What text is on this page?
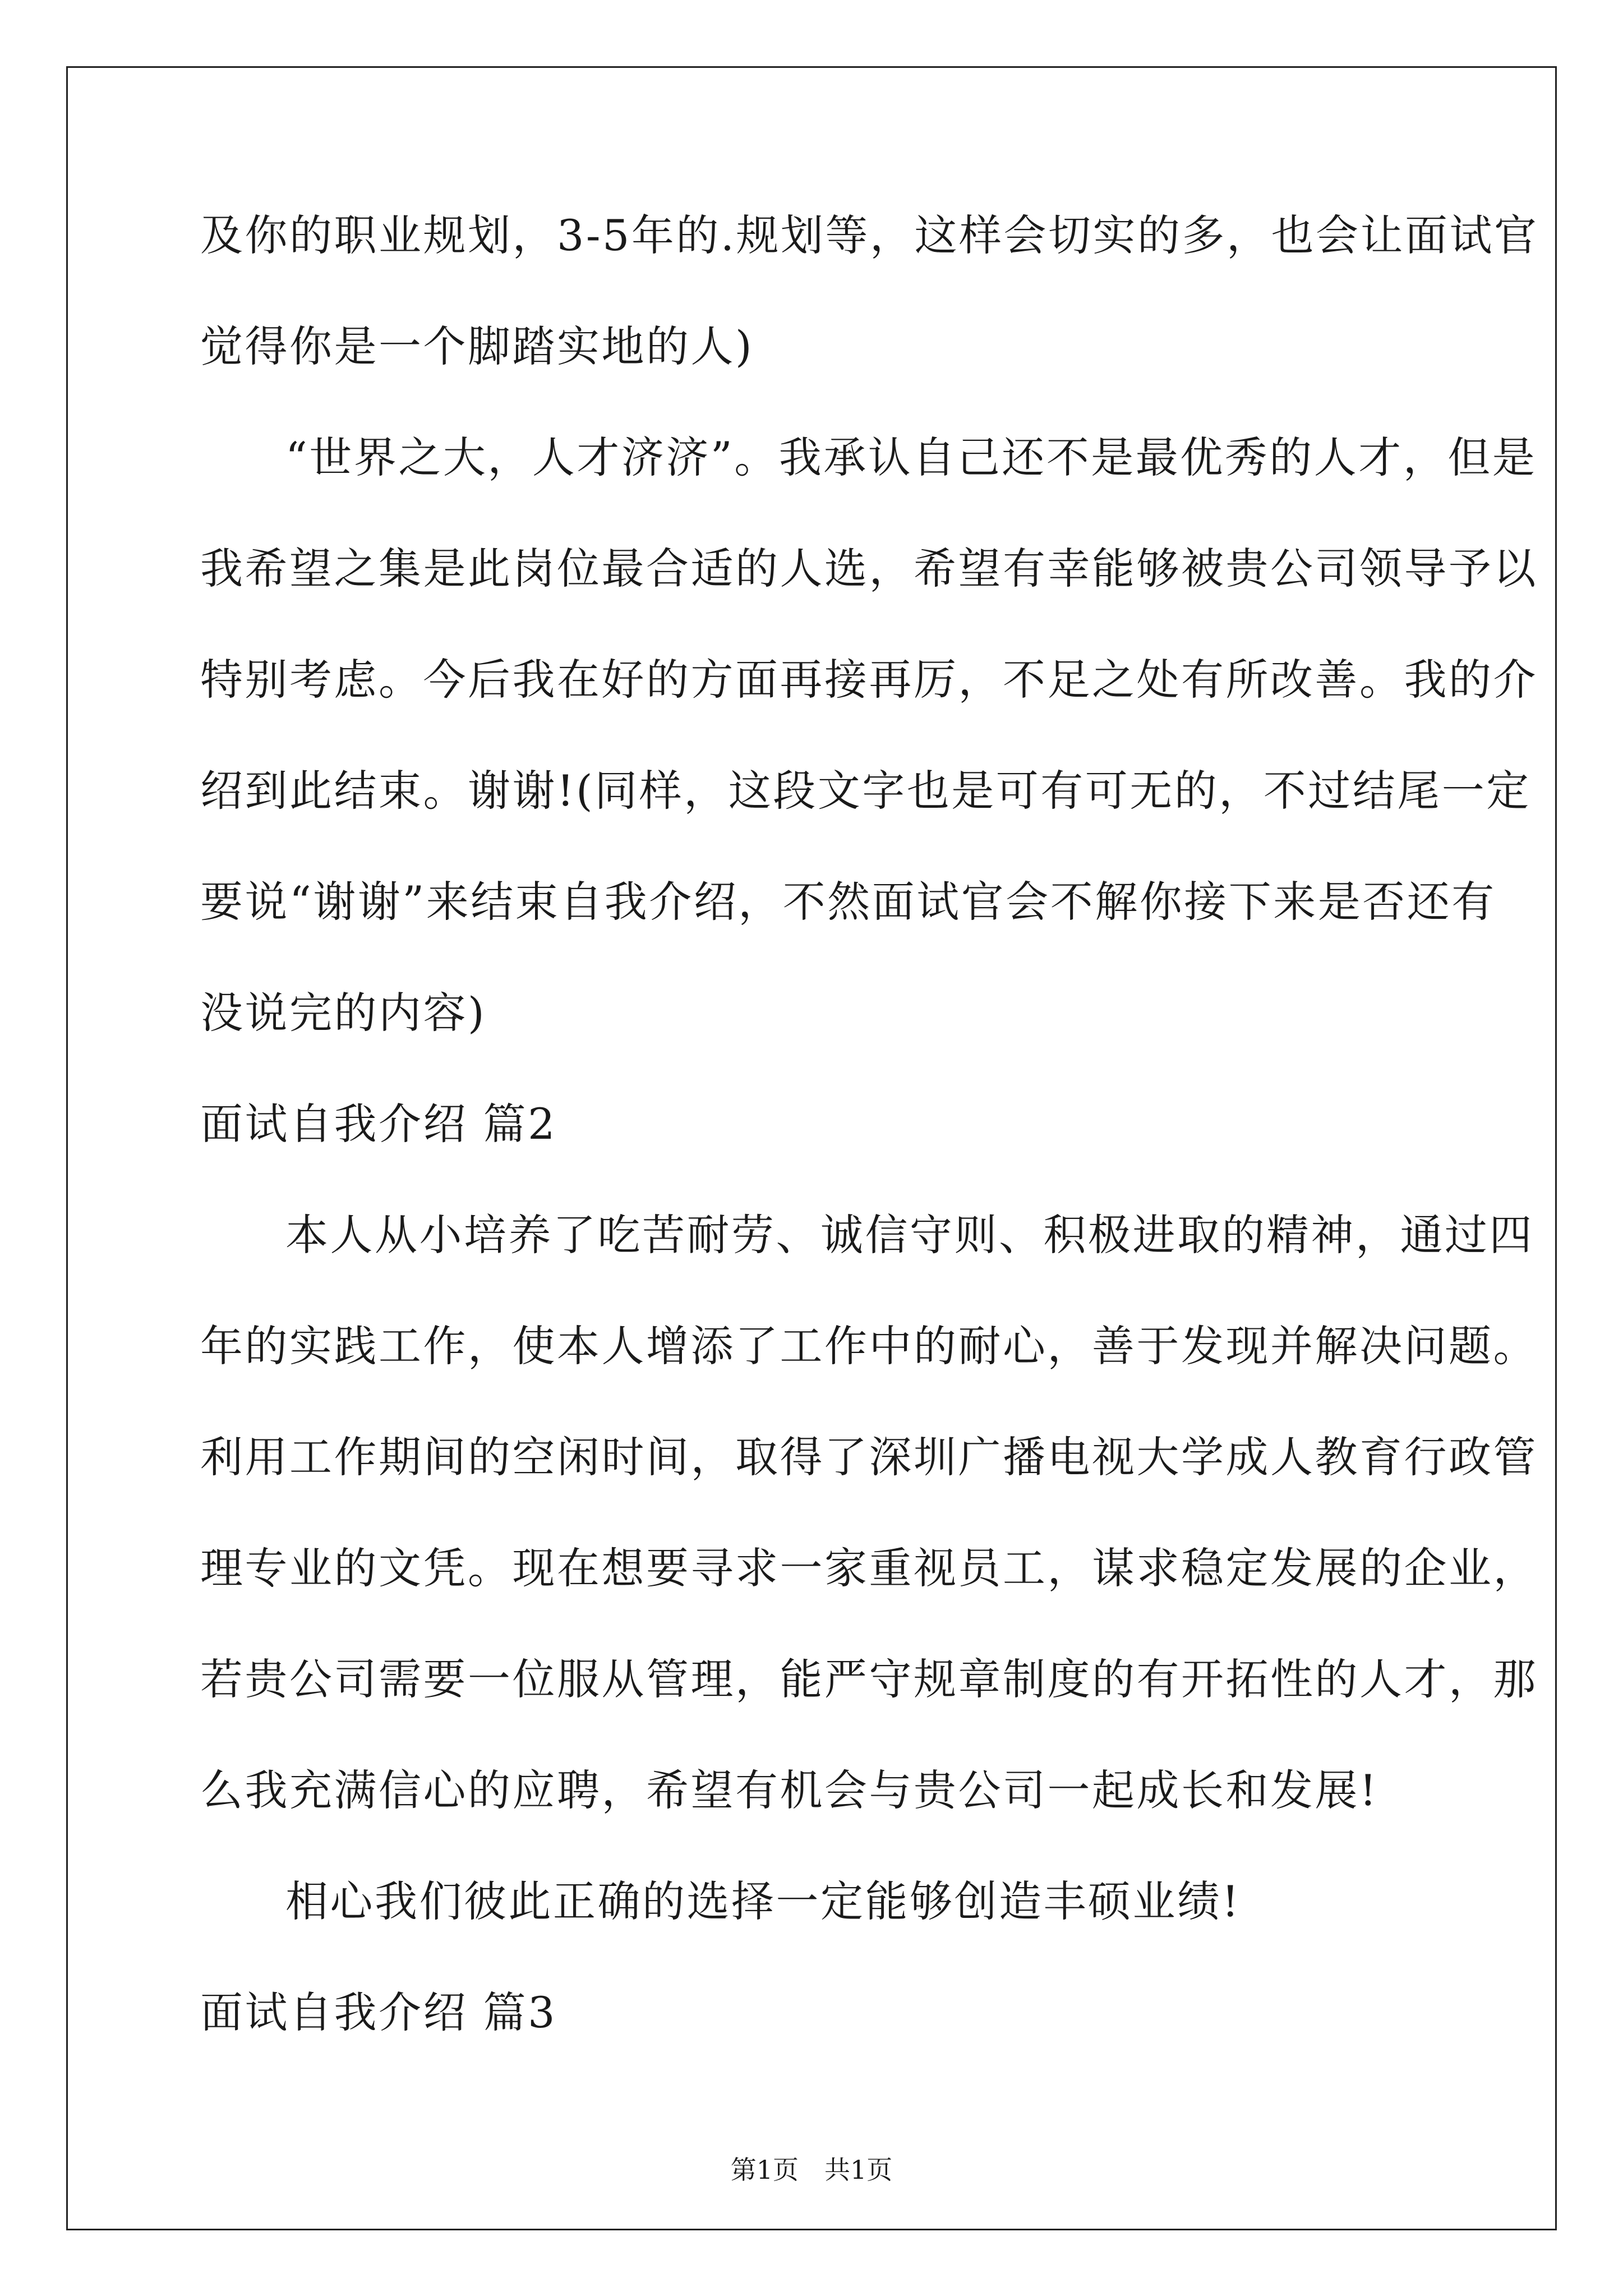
及你的职业规划，3-5年的.规划等，这样会切实的多，也会让面试官
觉得你是一个脚踏实地的人)
“世界之大，人才济济”。我承认自己还不是最优秀的人才，但是
我希望之集是此岗位最合适的人选，希望有幸能够被贵公司领导予以
特别考虑。今后我在好的方面再接再厉，不足之处有所改善。我的介
绍到此结束。谢谢!(同样，这段文字也是可有可无的，不过结尾一定
要说“谢谢”来结束自我介绍，不然面试官会不解你接下来是否还有
没说完的内容)
面试自我介绍 篇2
本人从小培养了吃苦耐劳、诚信守则、积极进取的精神，通过四
年的实践工作，使本人增添了工作中的耐心，善于发现并解决问题。
利用工作期间的空闲时间，取得了深圳广播电视大学成人教育行政管
理专业的文凭。现在想要寻求一家重视员工，谋求稳定发展的企业，
若贵公司需要一位服从管理，能严守规章制度的有开拓性的人才，那
么我充满信心的应聘，希望有机会与贵公司一起成长和发展!
相心我们彼此正确的选择一定能够创造丰硕业绩!
面试自我介绍 篇3
第1页　共1页
